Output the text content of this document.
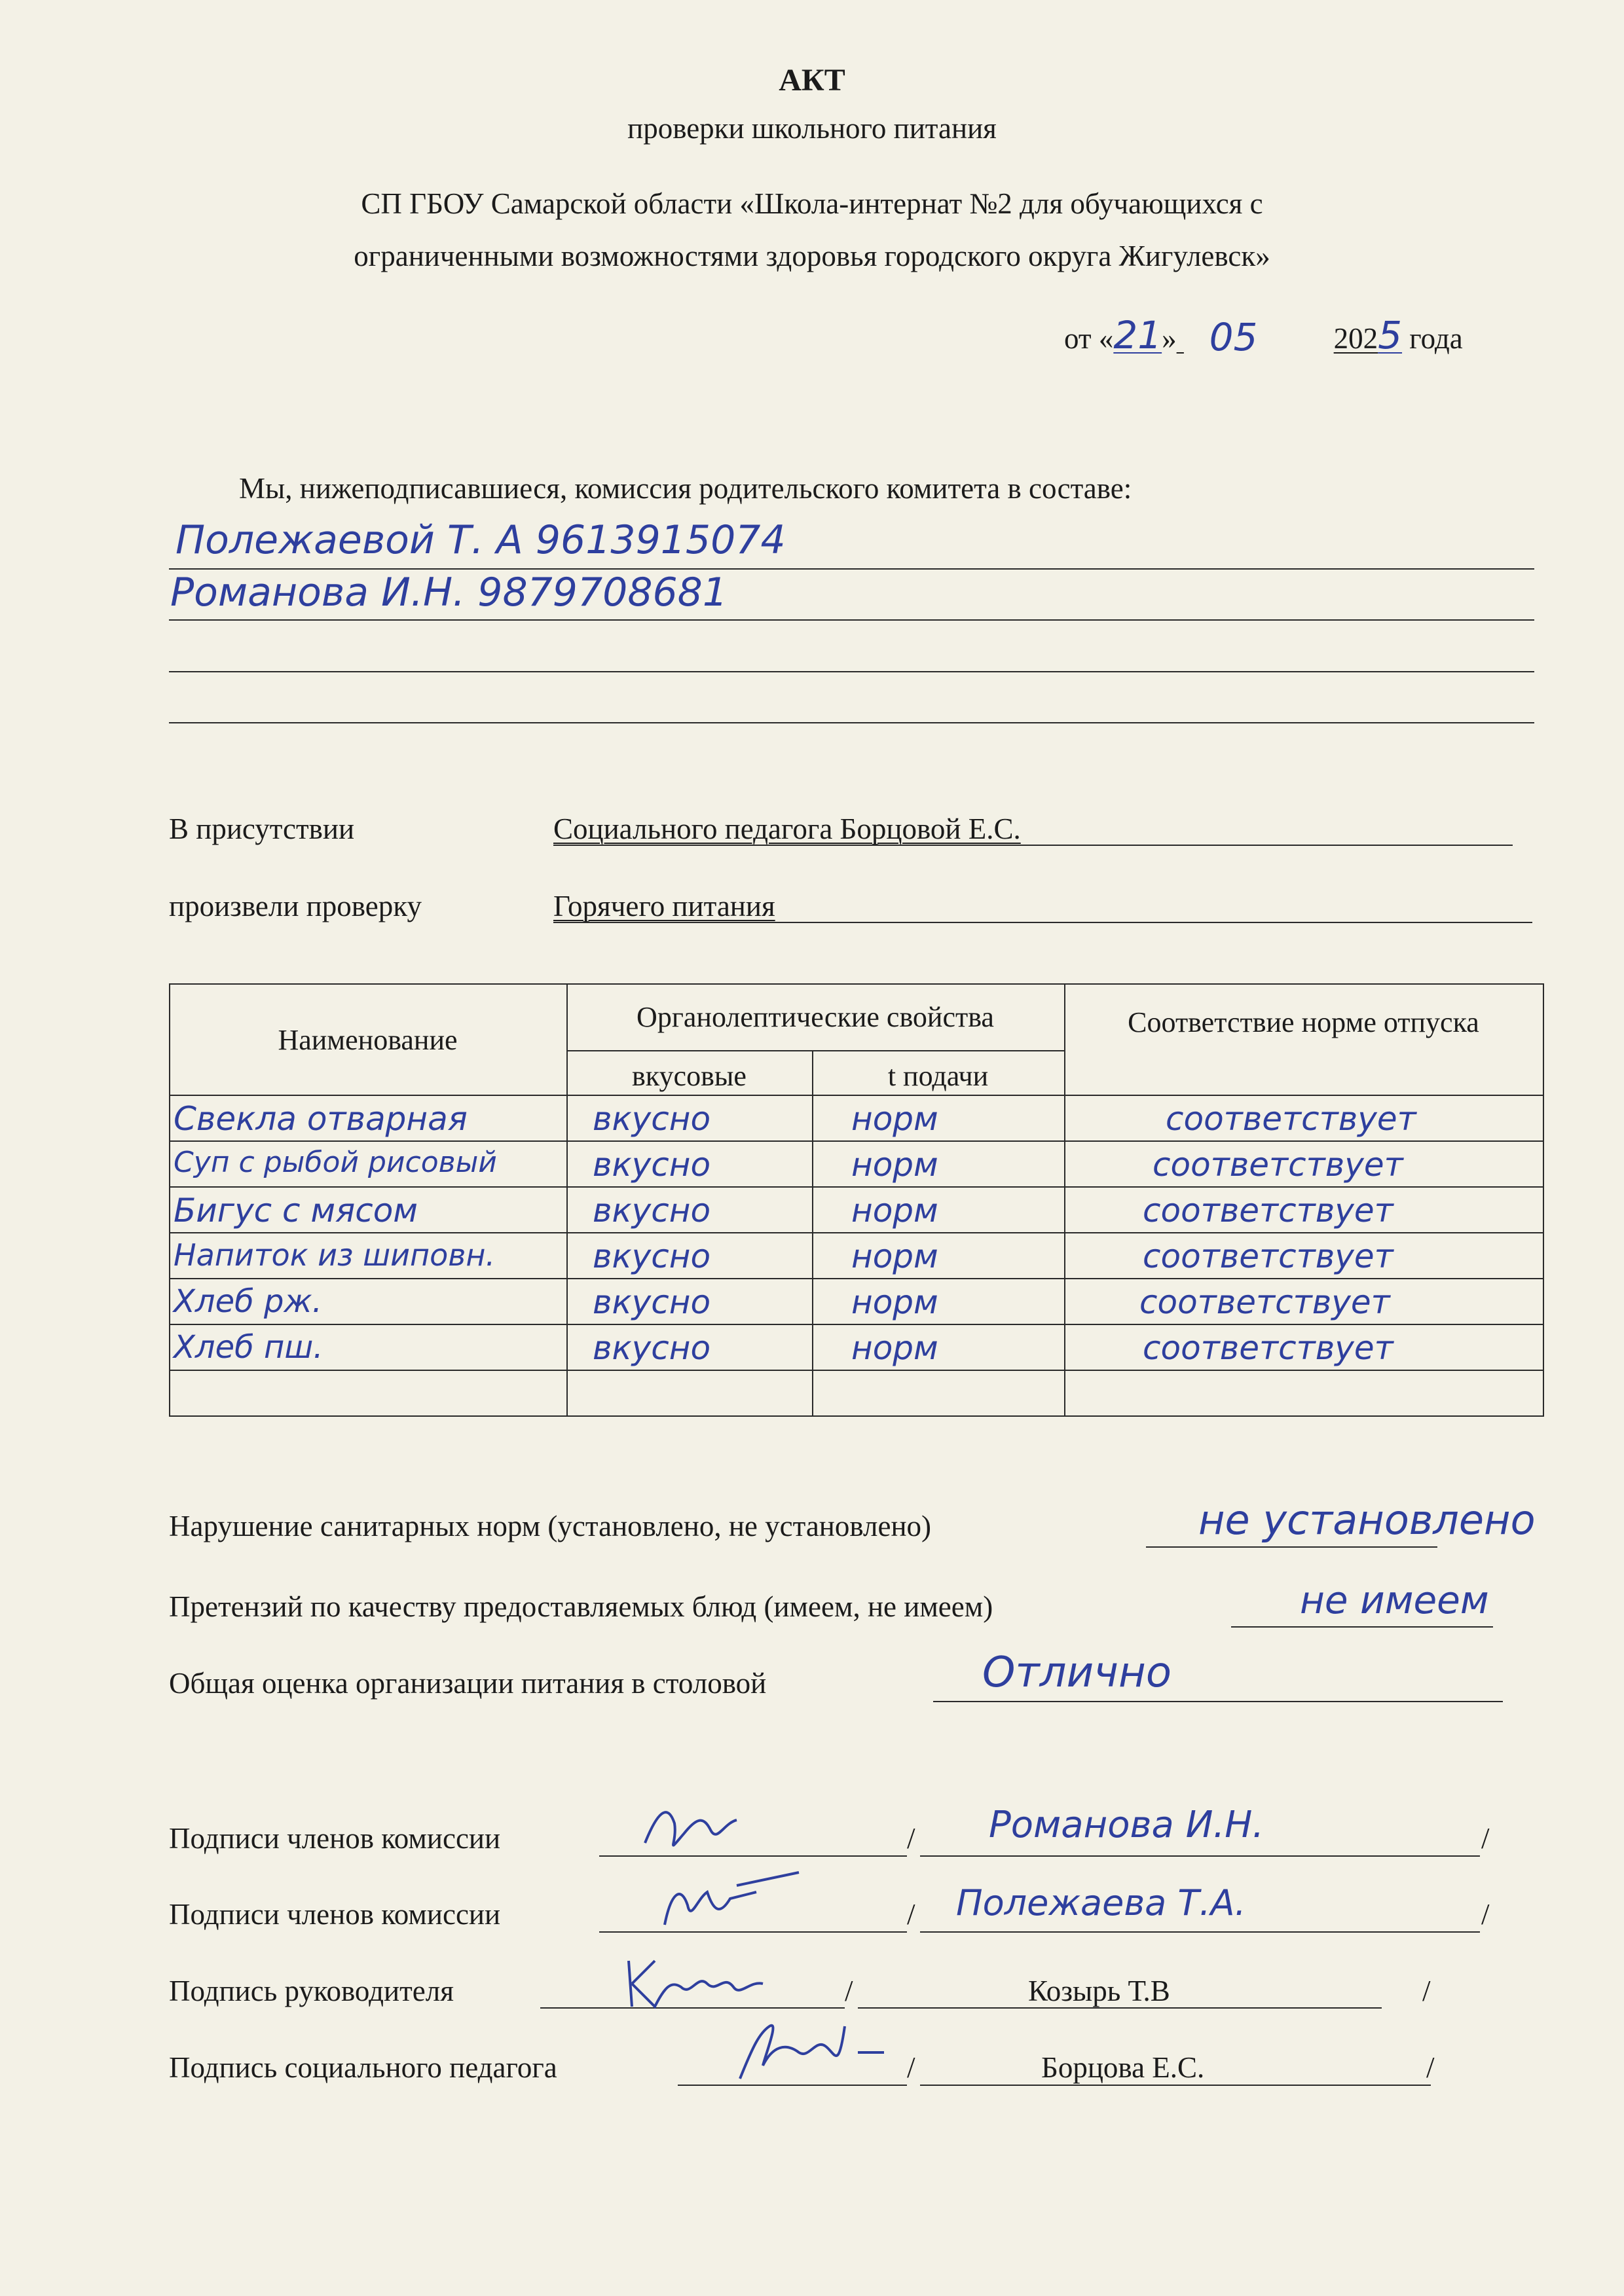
АКТ
проверки школьного питания
СП ГБОУ Самарской области «Школа-интернат №2 для обучающихся с
ограниченными возможностями здоровья городского округа Жигулевск»
от «21» 05	2025 года
Мы, нижеподписавшиеся, комиссия родительского комитета в составе:
Полежаевой Т. А 9613915074
Романова И.Н. 9879708681
В присутствии	Социального педагога Борцовой Е.С.
произвели проверку	Горячего питания
Наименование
Органолептические свойства
вкусовые	t подачи
Соответствие норме отпуска
Свекла отварная	вкусно	норм	соответствует
Суп с рыбой рисовый	вкусно	норм	соответствует
Бигус с мясом	вкусно	норм	соответствует
Напиток из шиповн.	вкусно	норм	соответствует
Хлеб рж.	вкусно	норм	соответствует
Хлеб пш.	вкусно	норм	соответствует
Нарушение санитарных норм (установлено, не установлено)	не установлено
Претензий по качеству предоставляемых блюд (имеем, не имеем)	не имеем
Общая оценка организации питания в столовой	Отлично
Подписи членов комиссии	/ Романова И.Н.	/
Подписи членов комиссии	/ Полежаева Т.А.	/
Подпись руководителя	/	Козырь Т.В	/
Подпись социального педагога	/	Борцова Е.С.	/
